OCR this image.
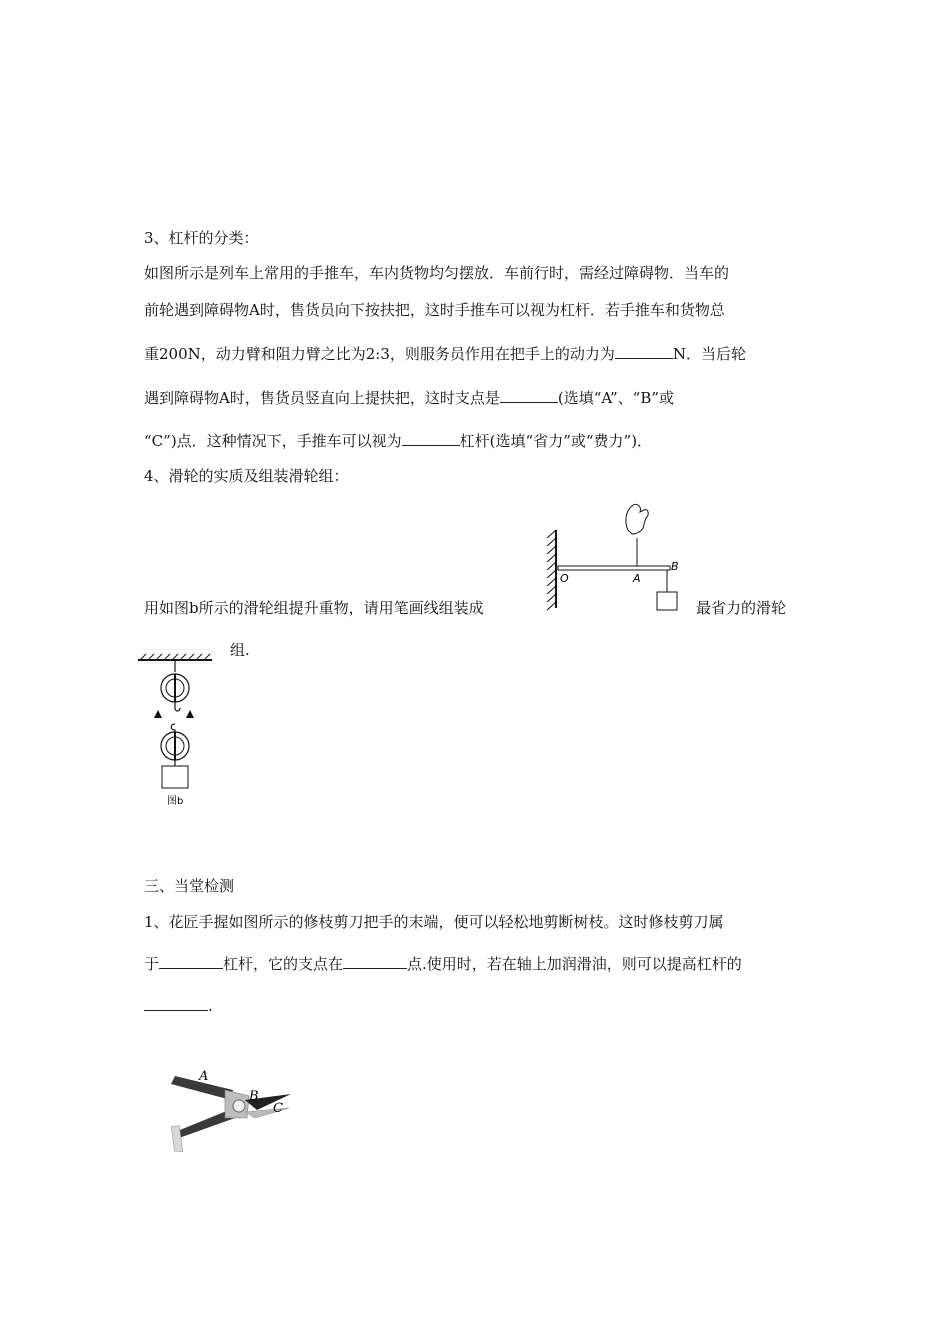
3、杠杆的分类：
如图所示是列车上常用的手推车，车内货物均匀摆放．车前行时，需经过障碍物．当车的
前轮遇到障碍物A时，售货员向下按扶把，这时手推车可以视为杠杆．若手推车和货物总
重200N，动力臂和阻力臂之比为2:3，则服务员作用在把手上的动力为	N．当后轮
遇到障碍物A时，售货员竖直向上提扶把，这时支点是	(选填“A”、“B”或
“C”)点．这种情况下，手推车可以视为	杠杆(选填“省力”或“费力”)．
4、滑轮的实质及组装滑轮组：
O	A
B
用如图b所示的滑轮组提升重物，请用笔画线组装成	最省力的滑轮
组.
图b
三、当堂检测
1、花匠手握如图所示的修枝剪刀把手的末端，便可以轻松地剪断树枝。这时修枝剪刀属
于	杠杆，它的支点在	点.使用时，若在轴上加润滑油，则可以提高杠杆的
.
A
B
C
